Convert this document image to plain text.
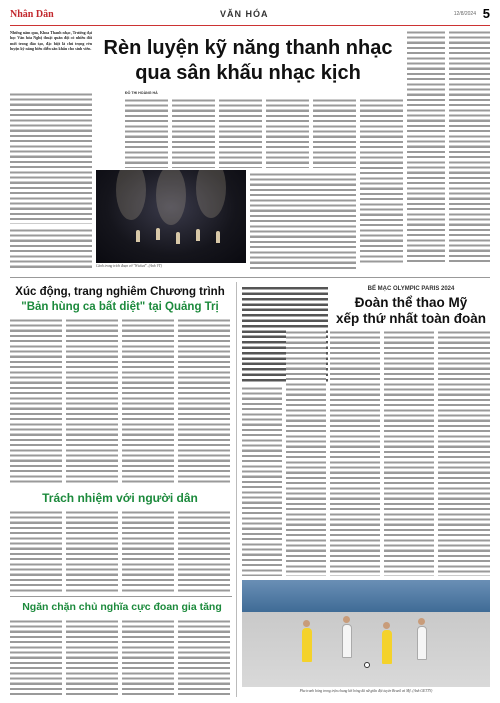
Nhân Dân	VĂN HÓA	12/8/2024 5
Những năm qua, Khoa Thanh nhạc, Trường đại học Văn hóa Nghệ thuật quân đội có nhiều đổi mới trong đào tạo, đặc biệt là chú trọng rèn luyện kỹ năng biểu diễn sân khấu cho sinh viên. Rèn luyện kỹ năng thanh nhạc
qua sân khấu nhạc kịch
ĐỖ THI HOÀNG HÀ
Cảnh trong trích đoạn vở "Wicked". (Ảnh VT)
Xúc động, trang nghiêm Chương trình
"Bản hùng ca bất diệt" tại Quảng Trị
Trách nhiệm với người dân
Ngăn chặn chủ nghĩa cực đoan gia tăng
BẾ MẠC OLYMPIC PARIS 2024
Đoàn thể thao Mỹ
xếp thứ nhất toàn đoàn
Pha tranh bóng trong trận chung kết bóng đá nữ giữa đội tuyển Brazil và Mỹ. (Ảnh GETTY)
